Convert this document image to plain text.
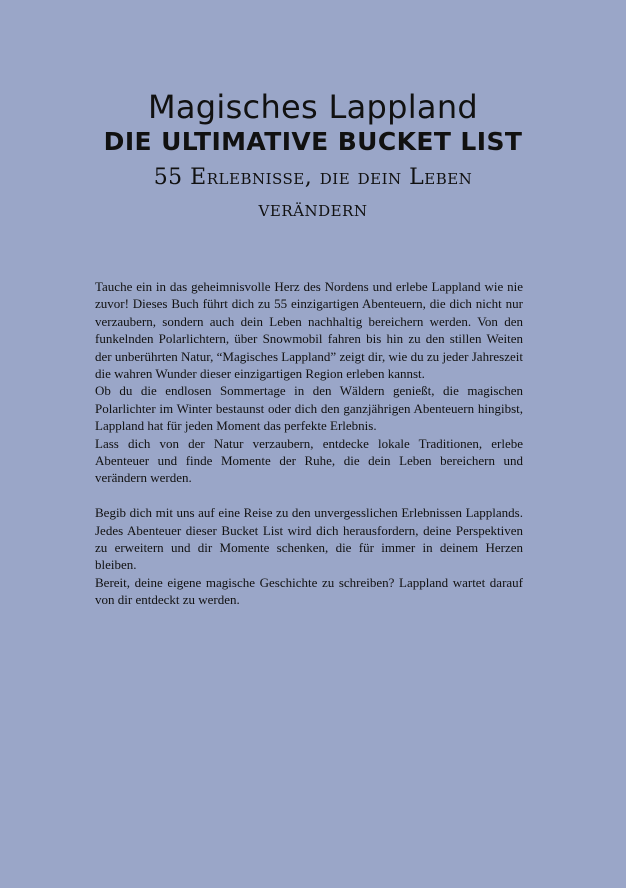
Magisches Lappland
DIE ULTIMATIVE BUCKET LIST
55 Erlebnisse, die dein Leben verändern

Tauche ein in das geheimnisvolle Herz des Nordens und erlebe Lappland wie nie zuvor! Dieses Buch führt dich zu 55 einzigartigen Abenteuern, die dich nicht nur verzaubern, sondern auch dein Leben nachhaltig bereichern werden. Von den funkelnden Polarlichtern, über Snowmobil fahren bis hin zu den stillen Weiten der unberührten Natur, “Magisches Lappland” zeigt dir, wie du zu jeder Jahreszeit die wahren Wunder dieser einzigartigen Region erleben kannst.

Ob du die endlosen Sommertage in den Wäldern genießt, die magischen Polarlichter im Winter bestaunst oder dich den ganzjährigen Abenteuern hingibst, Lappland hat für jeden Moment das perfekte Erlebnis.

Lass dich von der Natur verzaubern, entdecke lokale Traditionen, erlebe Abenteuer und finde Momente der Ruhe, die dein Leben bereichern und verändern werden.

Begib dich mit uns auf eine Reise zu den unvergesslichen Erlebnissen Lapplands. Jedes Abenteuer dieser Bucket List wird dich herausfordern, deine Perspektiven zu erweitern und dir Momente schenken, die für immer in deinem Herzen bleiben.

Bereit, deine eigene magische Geschichte zu schreiben? Lappland wartet darauf von dir entdeckt zu werden.
